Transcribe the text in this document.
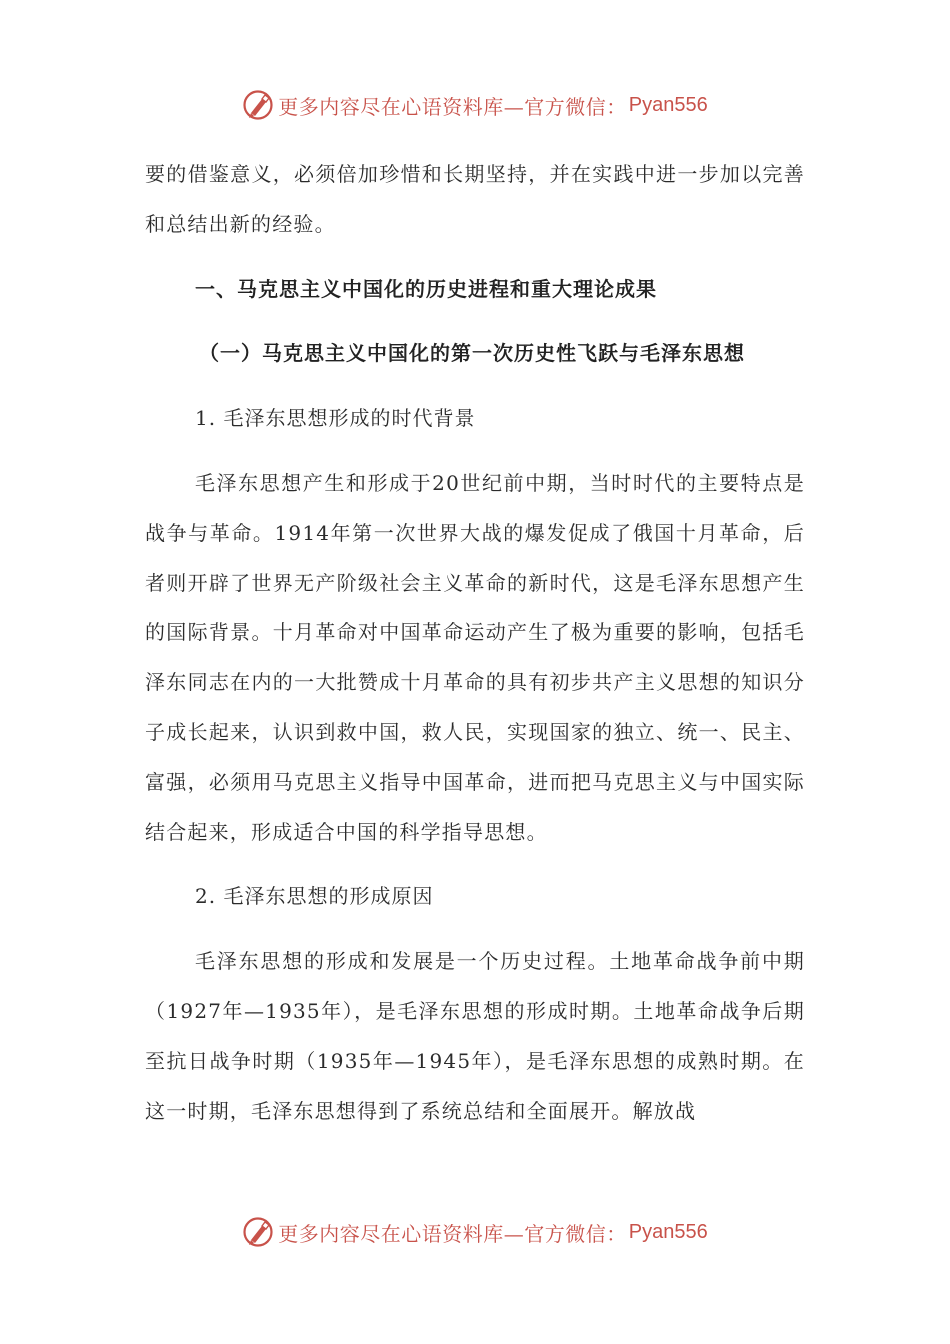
更多内容尽在心语资料库—官方微信： Pyan556

要的借鉴意义，必须倍加珍惜和长期坚持，并在实践中进一步加以完善和总结出新的经验。

一、马克思主义中国化的历史进程和重大理论成果

（一）马克思主义中国化的第一次历史性飞跃与毛泽东思想

1. 毛泽东思想形成的时代背景

毛泽东思想产生和形成于20世纪前中期，当时时代的主要特点是战争与革命。1914年第一次世界大战的爆发促成了俄国十月革命，后者则开辟了世界无产阶级社会主义革命的新时代，这是毛泽东思想产生的国际背景。十月革命对中国革命运动产生了极为重要的影响，包括毛泽东同志在内的一大批赞成十月革命的具有初步共产主义思想的知识分子成长起来，认识到救中国，救人民，实现国家的独立、统一、民主、富强，必须用马克思主义指导中国革命，进而把马克思主义与中国实际结合起来，形成适合中国的科学指导思想。

2. 毛泽东思想的形成原因

毛泽东思想的形成和发展是一个历史过程。土地革命战争前中期（1927年—1935年），是毛泽东思想的形成时期。土地革命战争后期至抗日战争时期（1935年—1945年），是毛泽东思想的成熟时期。在这一时期，毛泽东思想得到了系统总结和全面展开。解放战

更多内容尽在心语资料库—官方微信： Pyan556
